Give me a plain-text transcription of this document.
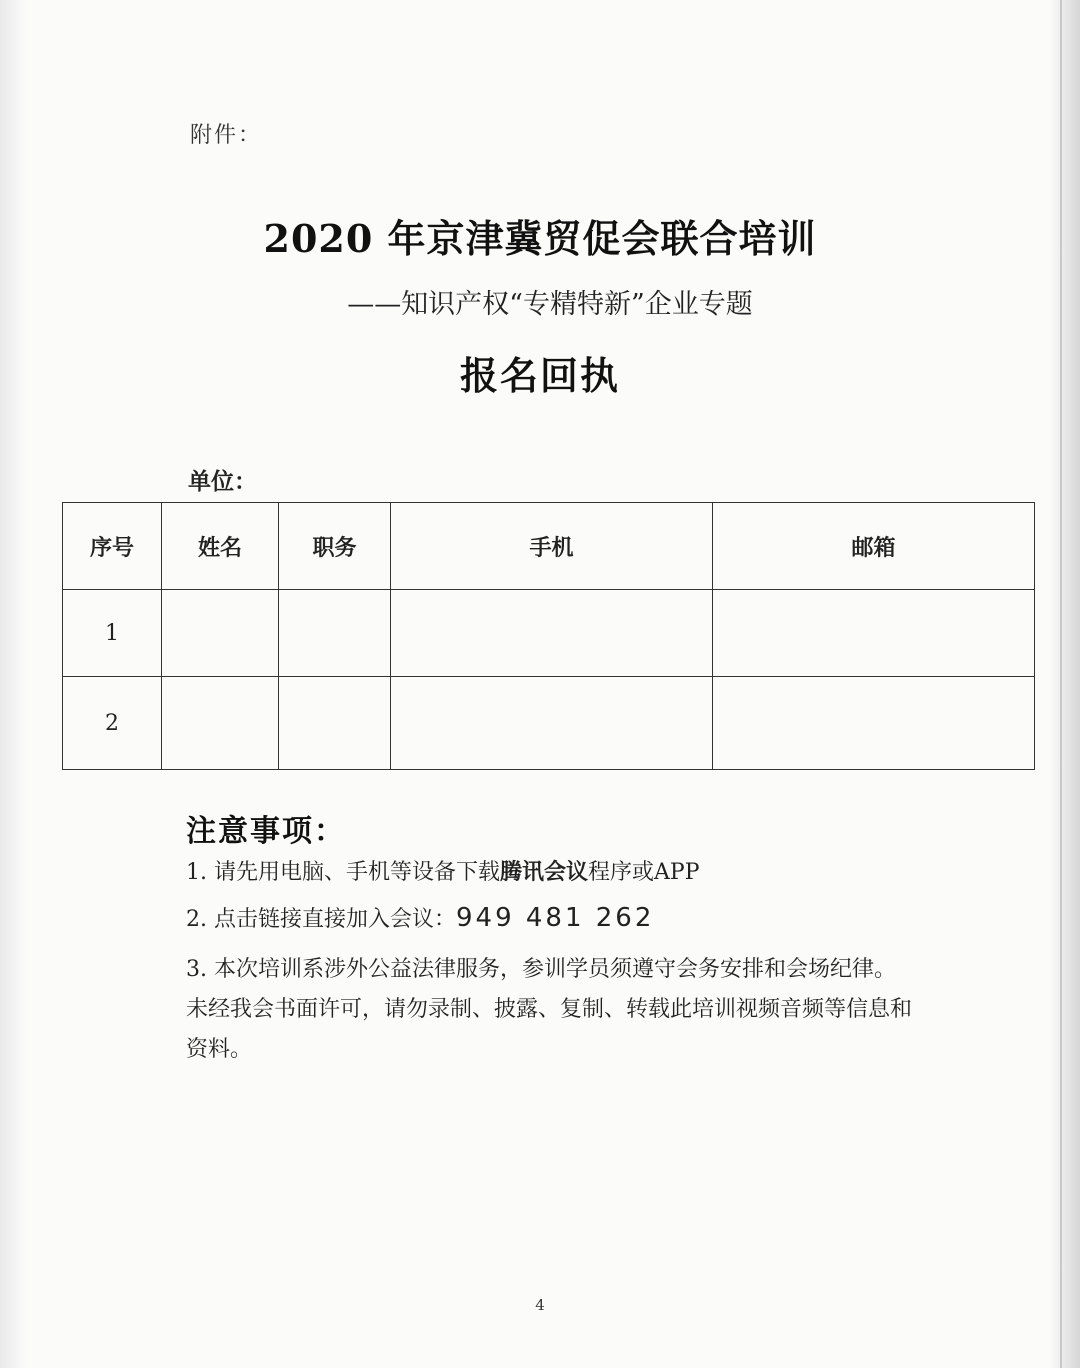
附件：
2020 年京津冀贸促会联合培训
——知识产权“专精特新”企业专题
报名回执
单位：
序号	姓名	职务	手机	邮箱
1				
2				
注意事项：
1. 请先用电脑、手机等设备下载腾讯会议程序或APP
2. 点击链接直接加入会议：949 481 262
3. 本次培训系涉外公益法律服务，参训学员须遵守会务安排和会场纪律。未经我会书面许可，请勿录制、披露、复制、转载此培训视频音频等信息和资料。
4
